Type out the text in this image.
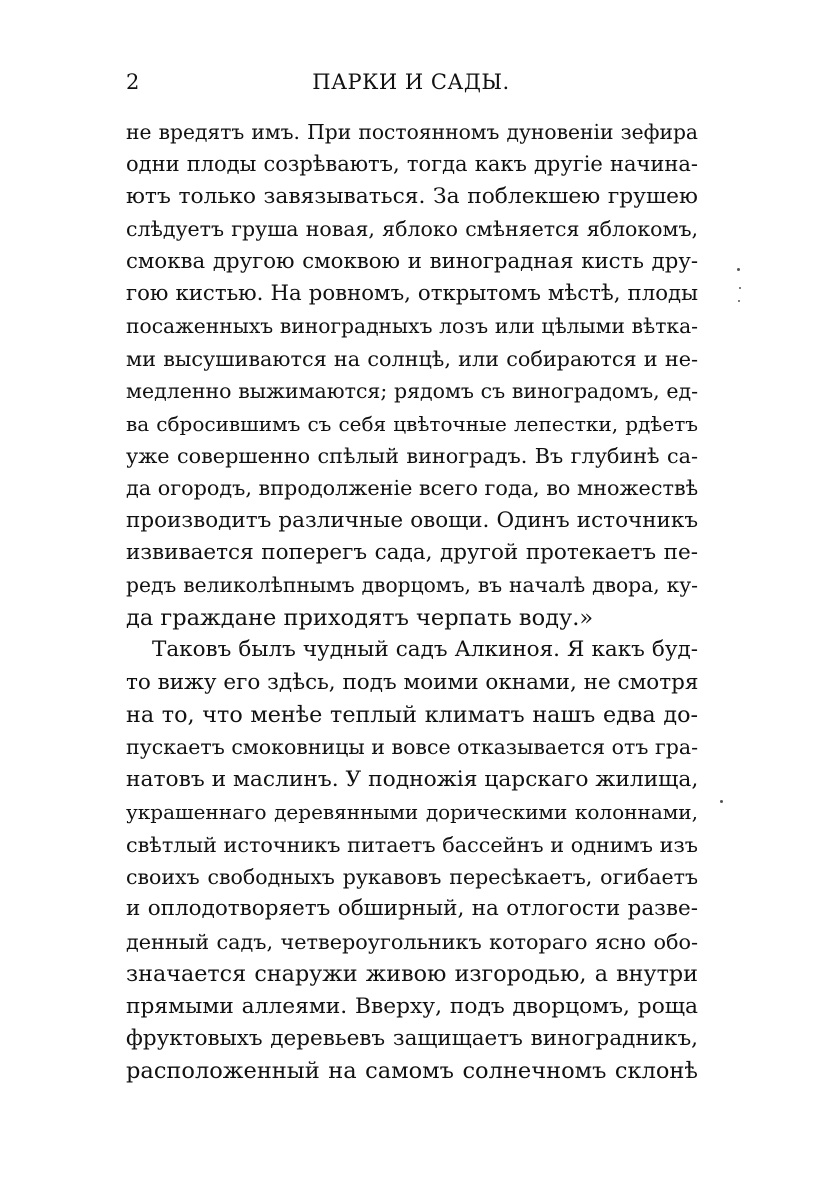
2	ПАРКИ И САДЫ.
не вредятъ имъ. При постоянномъ дуновеніи зефира
одни плоды созрѣваютъ, тогда какъ другіе начина-
ютъ только завязываться. За поблекшею грушею
слѣдуетъ груша новая, яблоко смѣняется яблокомъ,
смоква другою смоквою и виноградная кисть дру-
гою кистью. На ровномъ, открытомъ мѣстѣ, плоды
посаженныхъ виноградныхъ лозъ или цѣлыми вѣтка-
ми высушиваются на солнцѣ, или собираются и не-
медленно выжимаются; рядомъ съ виноградомъ, ед-
ва сбросившимъ съ себя цвѣточные лепестки, рдѣетъ
уже совершенно спѣлый виноградъ. Въ глубинѣ са-
да огородъ, впродолженіе всего года, во множествѣ
производитъ различные овощи. Одинъ источникъ
извивается поперегъ сада, другой протекаетъ пе-
редъ великолѣпнымъ дворцомъ, въ началѣ двора, ку-
да граждане приходятъ черпать воду.»
Таковъ былъ чудный садъ Алкиноя. Я какъ буд-
то вижу его здѣсь, подъ моими окнами, не смотря
на то, что менѣе теплый климатъ нашъ едва до-
пускаетъ смоковницы и вовсе отказывается отъ гра-
натовъ и маслинъ. У подножія царскаго жилища,
украшеннаго деревянными дорическими колоннами,
свѣтлый источникъ питаетъ бассейнъ и однимъ изъ
своихъ свободныхъ рукавовъ пересѣкаетъ, огибаетъ
и оплодотворяетъ обширный, на отлогости разве-
денный садъ, четвероугольникъ котораго ясно обо-
значается снаружи живою изгородью, а внутри
прямыми аллеями. Вверху, подъ дворцомъ, роща
фруктовыхъ деревьевъ защищаетъ виноградникъ,
расположенный на самомъ солнечномъ склонѣ
